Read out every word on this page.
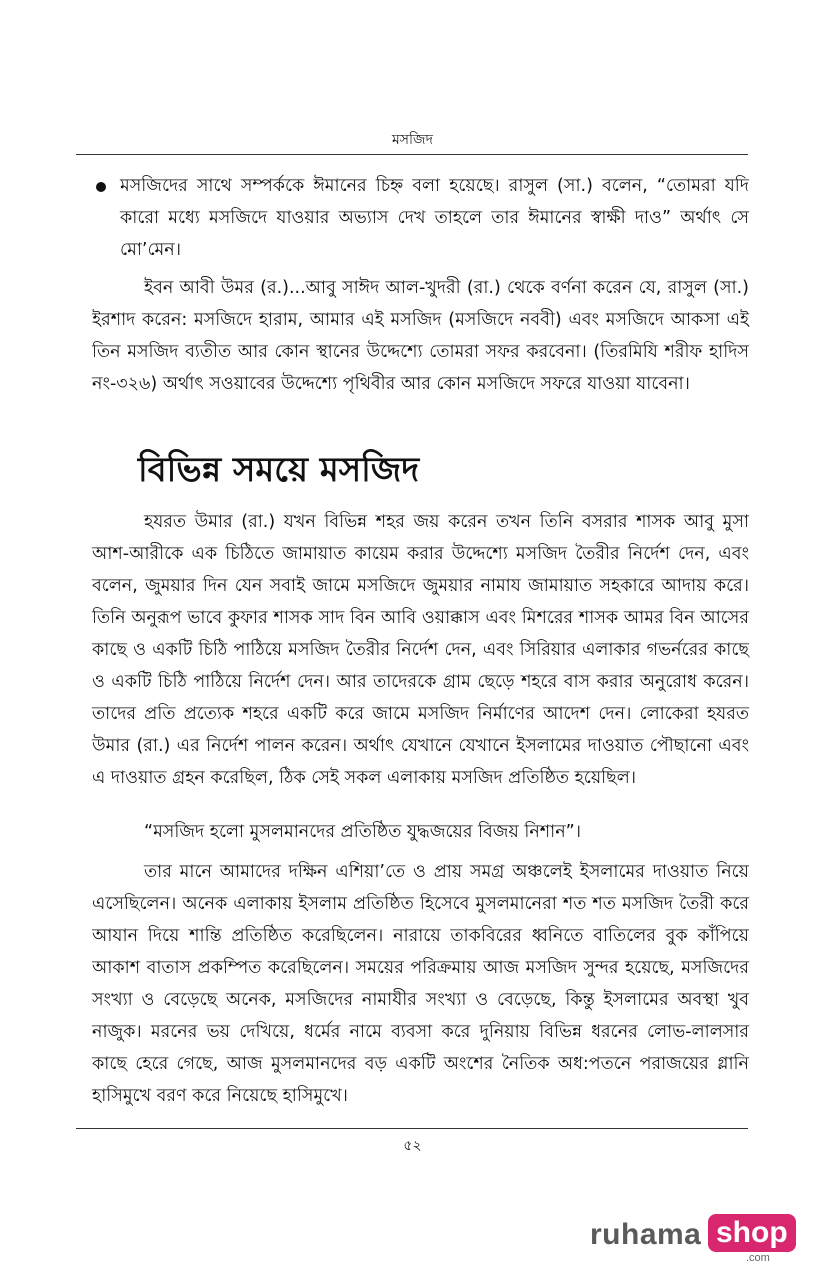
মসজিদ
মসজিদের সাথে সম্পর্ককে ঈমানের চিহ্ন বলা হয়েছে। রাসুল (সা.) বলেন, “তোমরা যদি কারো মধ্যে মসজিদে যাওয়ার অভ্যাস দেখ তাহলে তার ঈমানের স্বাক্ষী দাও” অর্থাৎ সে মো’মেন।
ইবন আবী উমর (র.)...আবু সাঈদ আল-খুদরী (রা.) থেকে বর্ণনা করেন যে, রাসুল (সা.) ইরশাদ করেন: মসজিদে হারাম, আমার এই মসজিদ (মসজিদে নববী) এবং মসজিদে আকসা এই তিন মসজিদ ব্যতীত আর কোন স্থানের উদ্দেশ্যে তোমরা সফর করবেনা। (তিরমিযি শরীফ হাদিস নং-৩২৬) অর্থাৎ সওয়াবের উদ্দেশ্যে পৃথিবীর আর কোন মসজিদে সফরে যাওয়া যাবেনা।
বিভিন্ন সময়ে মসজিদ
হযরত উমার (রা.) যখন বিভিন্ন শহর জয় করেন তখন তিনি বসরার শাসক আবু মুসা আশ-আরীকে এক চিঠিতে জামায়াত কায়েম করার উদ্দেশ্যে মসজিদ তৈরীর নির্দেশ দেন, এবং বলেন, জুময়ার দিন যেন সবাই জামে মসজিদে জুময়ার নামায জামায়াত সহকারে আদায় করে। তিনি অনুরূপ ভাবে কুফার শাসক সাদ বিন আবি ওয়াক্কাস এবং মিশরের শাসক আমর বিন আসের কাছে ও একটি চিঠি পাঠিয়ে মসজিদ তৈরীর নির্দেশ দেন, এবং সিরিয়ার এলাকার গভর্নরের কাছে ও একটি চিঠি পাঠিয়ে নির্দেশ দেন। আর তাদেরকে গ্রাম ছেড়ে শহরে বাস করার অনুরোধ করেন। তাদের প্রতি প্রত্যেক শহরে একটি করে জামে মসজিদ নির্মাণের আদেশ দেন। লোকেরা হযরত উমার (রা.) এর নির্দেশ পালন করেন। অর্থাৎ যেখানে যেখানে ইসলামের দাওয়াত পৌছানো এবং এ দাওয়াত গ্রহন করেছিল, ঠিক সেই সকল এলাকায় মসজিদ প্রতিষ্ঠিত হয়েছিল।
“মসজিদ হলো মুসলমানদের প্রতিষ্ঠিত যুদ্ধজয়ের বিজয় নিশান”।
তার মানে আমাদের দক্ষিন এশিয়া’তে ও প্রায় সমগ্র অঞ্চলেই ইসলামের দাওয়াত নিয়ে এসেছিলেন। অনেক এলাকায় ইসলাম প্রতিষ্ঠিত হিসেবে মুসলমানেরা শত শত মসজিদ তৈরী করে আযান দিয়ে শান্তি প্রতিষ্ঠিত করেছিলেন। নারায়ে তাকবিরের ধ্বনিতে বাতিলের বুক কাঁপিয়ে আকাশ বাতাস প্রকম্পিত করেছিলেন। সময়ের পরিক্রমায় আজ মসজিদ সুন্দর হয়েছে, মসজিদের সংখ্যা ও বেড়েছে অনেক, মসজিদের নামাযীর সংখ্যা ও বেড়েছে, কিন্তু ইসলামের অবস্থা খুব নাজুক। মরনের ভয় দেখিয়ে, ধর্মের নামে ব্যবসা করে দুনিয়ায় বিভিন্ন ধরনের লোভ-লালসার কাছে হেরে গেছে, আজ মুসলমানদের বড় একটি অংশের নৈতিক অধ:পতনে পরাজয়ের গ্লানি হাসিমুখে বরণ করে নিয়েছে হাসিমুখে।
৫২
ruhama shop
.com
